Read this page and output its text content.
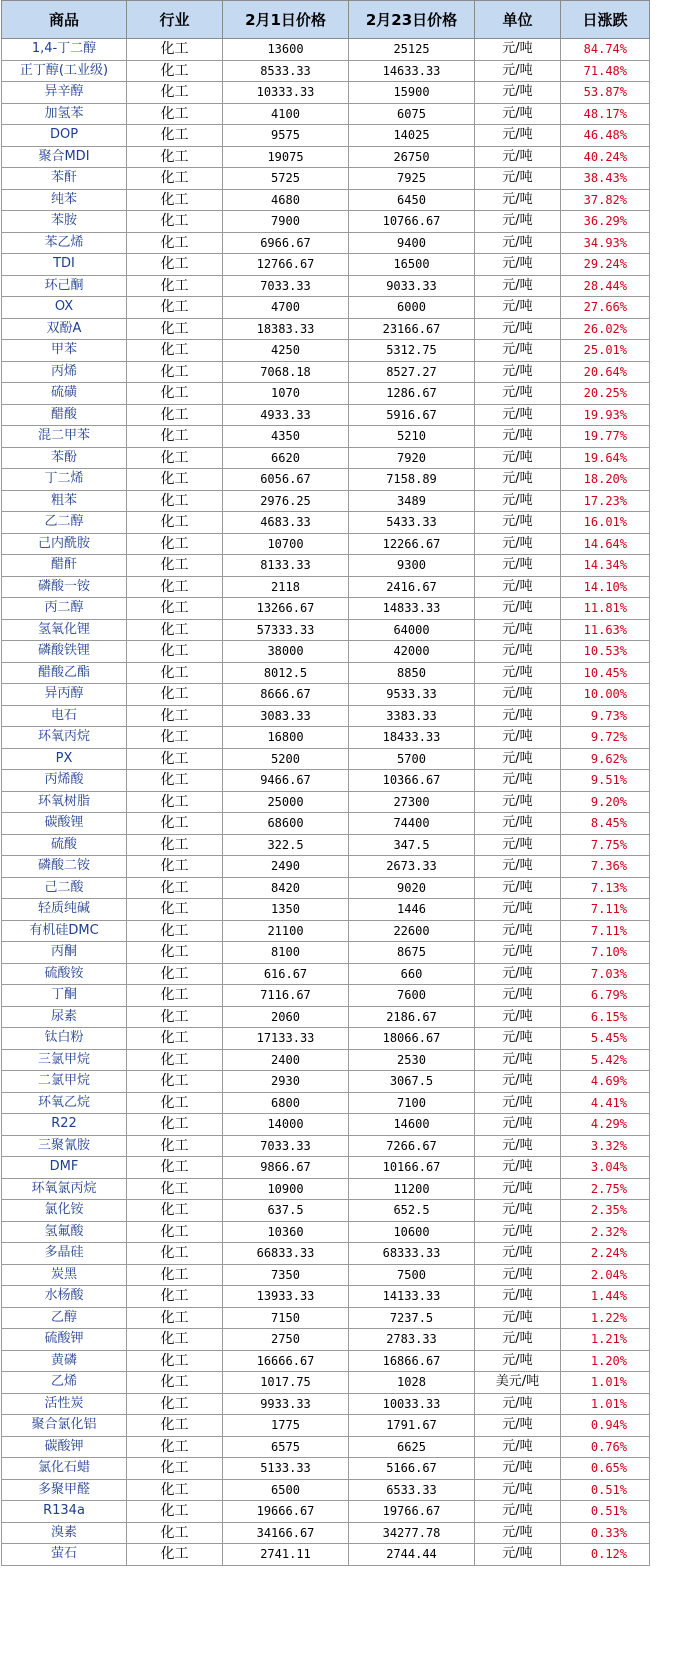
商品	行业	2月1日价格	2月23日价格	单位	日涨跌
1,4-丁二醇	化工	13600	25125	元/吨	84.74%
正丁醇(工业级)	化工	8533.33	14633.33	元/吨	71.48%
异辛醇	化工	10333.33	15900	元/吨	53.87%
加氢苯	化工	4100	6075	元/吨	48.17%
DOP	化工	9575	14025	元/吨	46.48%
聚合MDI	化工	19075	26750	元/吨	40.24%
苯酐	化工	5725	7925	元/吨	38.43%
纯苯	化工	4680	6450	元/吨	37.82%
苯胺	化工	7900	10766.67	元/吨	36.29%
苯乙烯	化工	6966.67	9400	元/吨	34.93%
TDI	化工	12766.67	16500	元/吨	29.24%
环己酮	化工	7033.33	9033.33	元/吨	28.44%
OX	化工	4700	6000	元/吨	27.66%
双酚A	化工	18383.33	23166.67	元/吨	26.02%
甲苯	化工	4250	5312.75	元/吨	25.01%
丙烯	化工	7068.18	8527.27	元/吨	20.64%
硫磺	化工	1070	1286.67	元/吨	20.25%
醋酸	化工	4933.33	5916.67	元/吨	19.93%
混二甲苯	化工	4350	5210	元/吨	19.77%
苯酚	化工	6620	7920	元/吨	19.64%
丁二烯	化工	6056.67	7158.89	元/吨	18.20%
粗苯	化工	2976.25	3489	元/吨	17.23%
乙二醇	化工	4683.33	5433.33	元/吨	16.01%
己内酰胺	化工	10700	12266.67	元/吨	14.64%
醋酐	化工	8133.33	9300	元/吨	14.34%
磷酸一铵	化工	2118	2416.67	元/吨	14.10%
丙二醇	化工	13266.67	14833.33	元/吨	11.81%
氢氧化锂	化工	57333.33	64000	元/吨	11.63%
磷酸铁锂	化工	38000	42000	元/吨	10.53%
醋酸乙酯	化工	8012.5	8850	元/吨	10.45%
异丙醇	化工	8666.67	9533.33	元/吨	10.00%
电石	化工	3083.33	3383.33	元/吨	9.73%
环氧丙烷	化工	16800	18433.33	元/吨	9.72%
PX	化工	5200	5700	元/吨	9.62%
丙烯酸	化工	9466.67	10366.67	元/吨	9.51%
环氧树脂	化工	25000	27300	元/吨	9.20%
碳酸锂	化工	68600	74400	元/吨	8.45%
硫酸	化工	322.5	347.5	元/吨	7.75%
磷酸二铵	化工	2490	2673.33	元/吨	7.36%
己二酸	化工	8420	9020	元/吨	7.13%
轻质纯碱	化工	1350	1446	元/吨	7.11%
有机硅DMC	化工	21100	22600	元/吨	7.11%
丙酮	化工	8100	8675	元/吨	7.10%
硫酸铵	化工	616.67	660	元/吨	7.03%
丁酮	化工	7116.67	7600	元/吨	6.79%
尿素	化工	2060	2186.67	元/吨	6.15%
钛白粉	化工	17133.33	18066.67	元/吨	5.45%
三氯甲烷	化工	2400	2530	元/吨	5.42%
二氯甲烷	化工	2930	3067.5	元/吨	4.69%
环氧乙烷	化工	6800	7100	元/吨	4.41%
R22	化工	14000	14600	元/吨	4.29%
三聚氰胺	化工	7033.33	7266.67	元/吨	3.32%
DMF	化工	9866.67	10166.67	元/吨	3.04%
环氧氯丙烷	化工	10900	11200	元/吨	2.75%
氯化铵	化工	637.5	652.5	元/吨	2.35%
氢氟酸	化工	10360	10600	元/吨	2.32%
多晶硅	化工	66833.33	68333.33	元/吨	2.24%
炭黑	化工	7350	7500	元/吨	2.04%
水杨酸	化工	13933.33	14133.33	元/吨	1.44%
乙醇	化工	7150	7237.5	元/吨	1.22%
硫酸钾	化工	2750	2783.33	元/吨	1.21%
黄磷	化工	16666.67	16866.67	元/吨	1.20%
乙烯	化工	1017.75	1028	美元/吨	1.01%
活性炭	化工	9933.33	10033.33	元/吨	1.01%
聚合氯化铝	化工	1775	1791.67	元/吨	0.94%
碳酸钾	化工	6575	6625	元/吨	0.76%
氯化石蜡	化工	5133.33	5166.67	元/吨	0.65%
多聚甲醛	化工	6500	6533.33	元/吨	0.51%
R134a	化工	19666.67	19766.67	元/吨	0.51%
溴素	化工	34166.67	34277.78	元/吨	0.33%
萤石	化工	2741.11	2744.44	元/吨	0.12%
